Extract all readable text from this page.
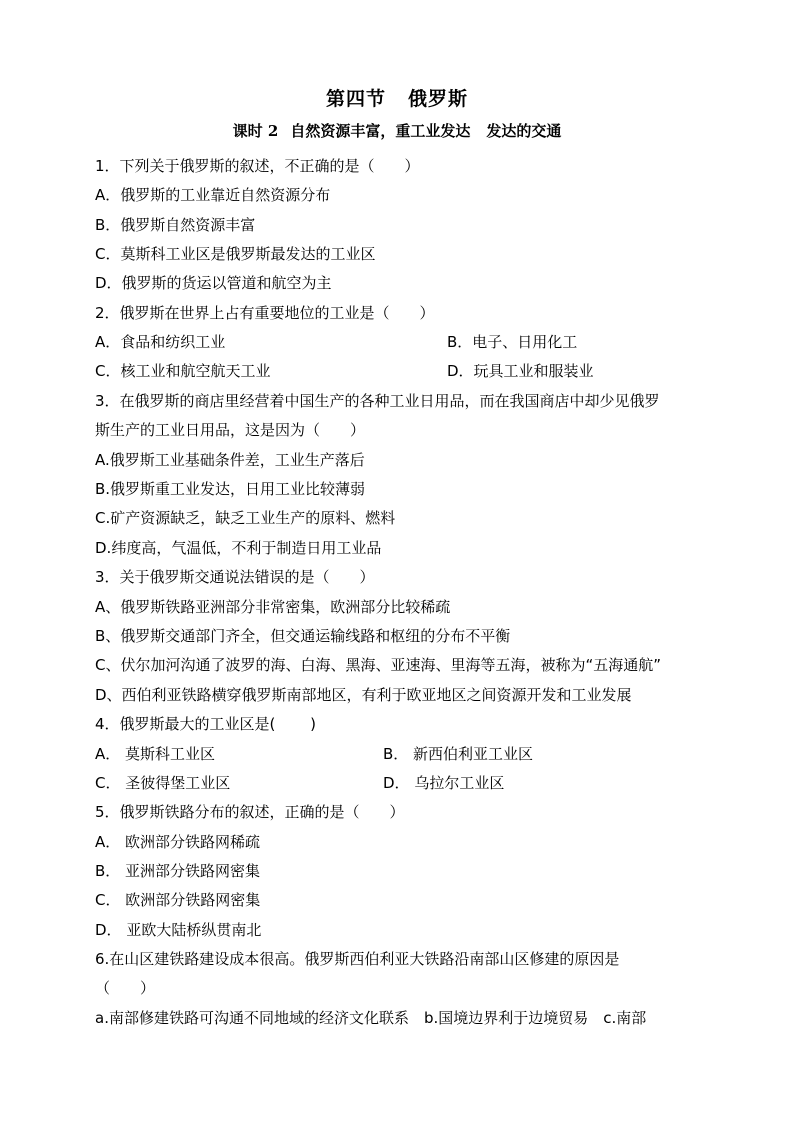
第四节 俄罗斯
课时 2 自然资源丰富，重工业发达 发达的交通
1．下列关于俄罗斯的叙述，不正确的是（　　）
A．俄罗斯的工业靠近自然资源分布
B．俄罗斯自然资源丰富
C．莫斯科工业区是俄罗斯最发达的工业区
D．俄罗斯的货运以管道和航空为主
2．俄罗斯在世界上占有重要地位的工业是（　　）
A．食品和纺织工业	B．电子、日用化工
C．核工业和航空航天工业	D．玩具工业和服装业
3．在俄罗斯的商店里经营着中国生产的各种工业日用品，而在我国商店中却少见俄罗
斯生产的工业日用品，这是因为（　　）
A.俄罗斯工业基础条件差，工业生产落后
B.俄罗斯重工业发达，日用工业比较薄弱
C.矿产资源缺乏，缺乏工业生产的原料、燃料
D.纬度高，气温低，不利于制造日用工业品
3．关于俄罗斯交通说法错误的是（　　）
A、俄罗斯铁路亚洲部分非常密集，欧洲部分比较稀疏
B、俄罗斯交通部门齐全，但交通运输线路和枢纽的分布不平衡
C、伏尔加河沟通了波罗的海、白海、黑海、亚速海、里海等五海，被称为“五海通航”
D、西伯利亚铁路横穿俄罗斯南部地区，有利于欧亚地区之间资源开发和工业发展
4．俄罗斯最大的工业区是(　　 )
A． 莫斯科工业区	B． 新西伯利亚工业区
C． 圣彼得堡工业区	D． 乌拉尔工业区
5．俄罗斯铁路分布的叙述，正确的是（　　）
A． 欧洲部分铁路网稀疏
B． 亚洲部分铁路网密集
C． 欧洲部分铁路网密集
D． 亚欧大陆桥纵贯南北
6.在山区建铁路建设成本很高。俄罗斯西伯利亚大铁路沿南部山区修建的原因是
（　　）
a.南部修建铁路可沟通不同地域的经济文化联系　b.国境边界利于边境贸易　c.南部
